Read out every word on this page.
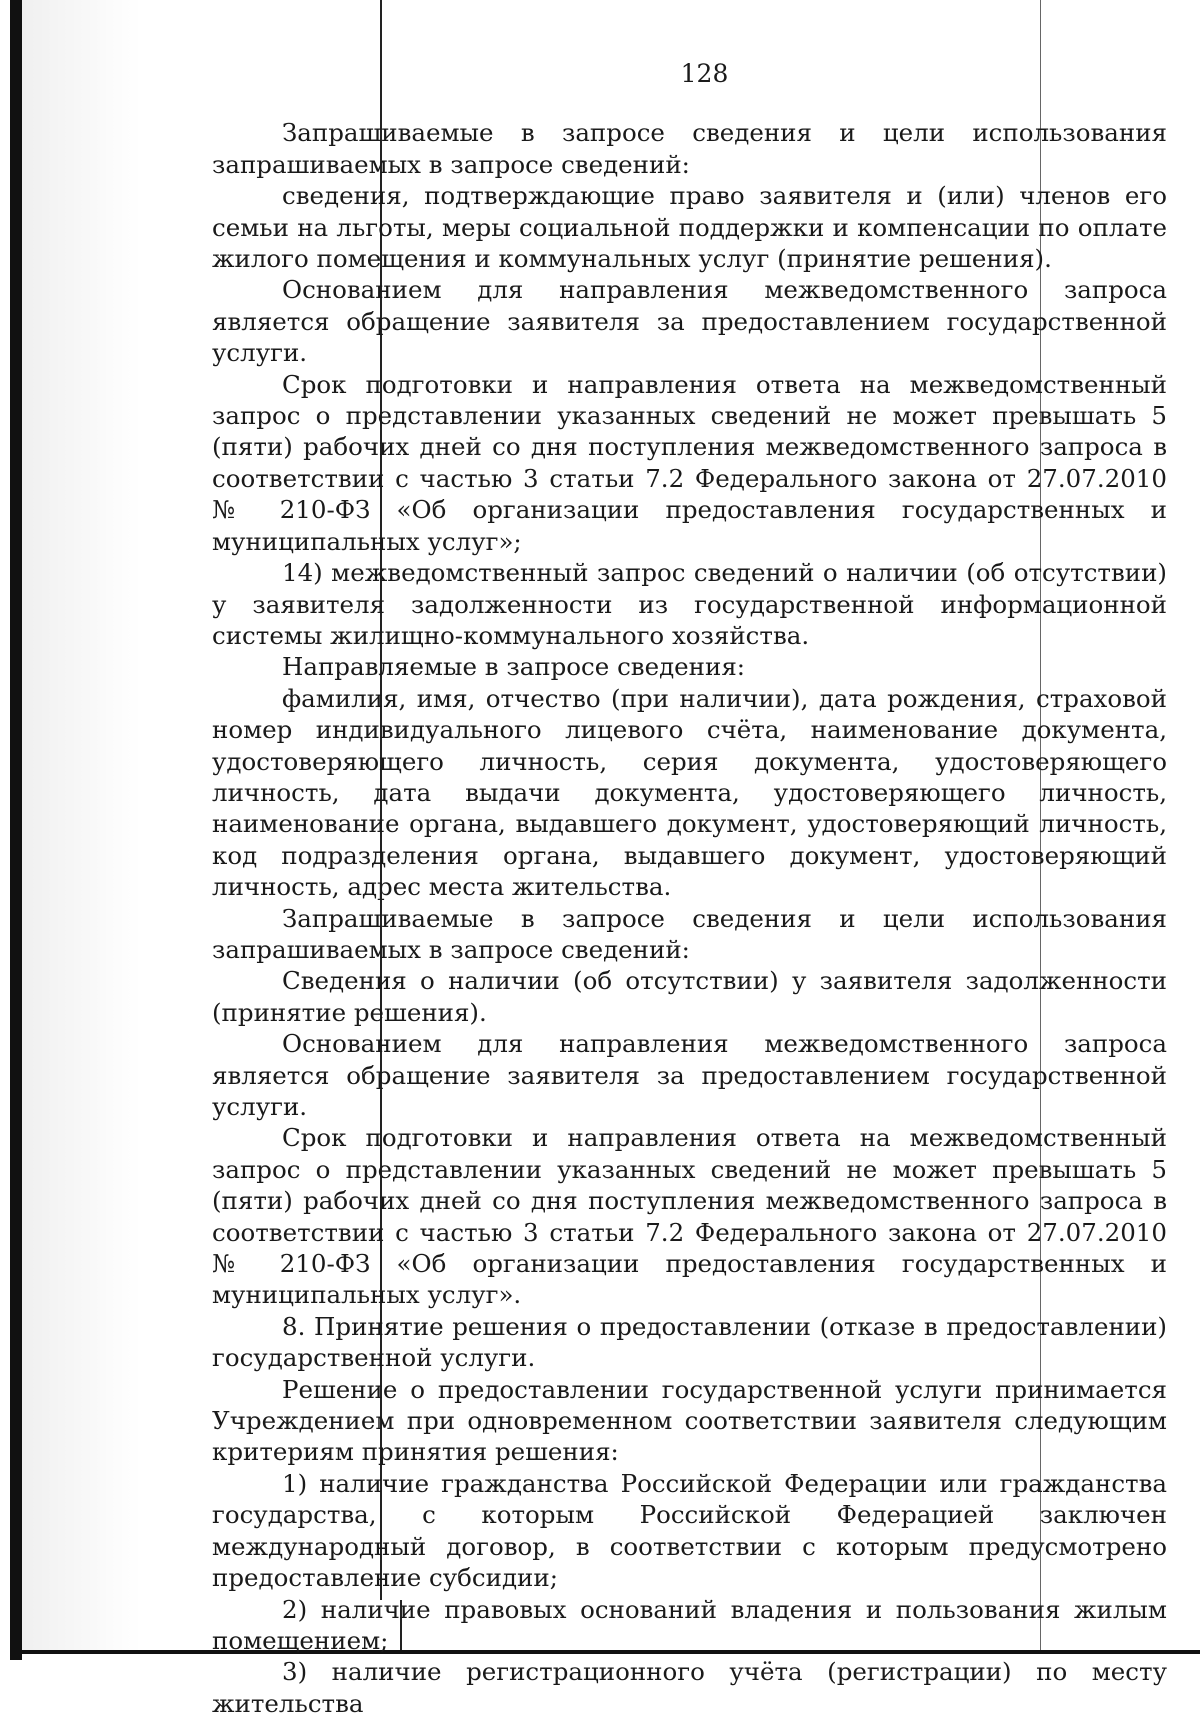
128

Запрашиваемые в запросе сведения и цели использования запрашиваемых в запросе сведений:

сведения, подтверждающие право заявителя и (или) членов его семьи на льготы, меры социальной поддержки и компенсации по оплате жилого помещения и коммунальных услуг (принятие решения).

Основанием для направления межведомственного запроса является обращение заявителя за предоставлением государственной услуги.

Срок подготовки и направления ответа на межведомственный запрос о представлении указанных сведений не может превышать 5 (пяти) рабочих дней со дня поступления межведомственного запроса в соответствии с частью 3 статьи 7.2 Федерального закона от 27.07.2010 № 210-ФЗ «Об организации предоставления государственных и муниципальных услуг»;

14) межведомственный запрос сведений о наличии (об отсутствии) у заявителя задолженности из государственной информационной системы жилищно-коммунального хозяйства.

Направляемые в запросе сведения:

фамилия, имя, отчество (при наличии), дата рождения, страховой номер индивидуального лицевого счёта, наименование документа, удостоверяющего личность, серия документа, удостоверяющего личность, дата выдачи документа, удостоверяющего личность, наименование органа, выдавшего документ, удостоверяющий личность, код подразделения органа, выдавшего документ, удостоверяющий личность, адрес места жительства.

Запрашиваемые в запросе сведения и цели использования запрашиваемых в запросе сведений:

Сведения о наличии (об отсутствии) у заявителя задолженности (принятие решения).

Основанием для направления межведомственного запроса является обращение заявителя за предоставлением государственной услуги.

Срок подготовки и направления ответа на межведомственный запрос о представлении указанных сведений не может превышать 5 (пяти) рабочих дней со дня поступления межведомственного запроса в соответствии с частью 3 статьи 7.2 Федерального закона от 27.07.2010 № 210-ФЗ «Об организации предоставления государственных и муниципальных услуг».

8. Принятие решения о предоставлении (отказе в предоставлении) государственной услуги.

Решение о предоставлении государственной услуги принимается Учреждением при одновременном соответствии заявителя следующим критериям принятия решения:

1) наличие гражданства Российской Федерации или гражданства государства, с которым Российской Федерацией заключен международный договор, в соответствии с которым предусмотрено предоставление субсидии;

2) наличие правовых оснований владения и пользования жилым помещением;

3) наличие регистрационного учёта (регистрации) по месту жительства
